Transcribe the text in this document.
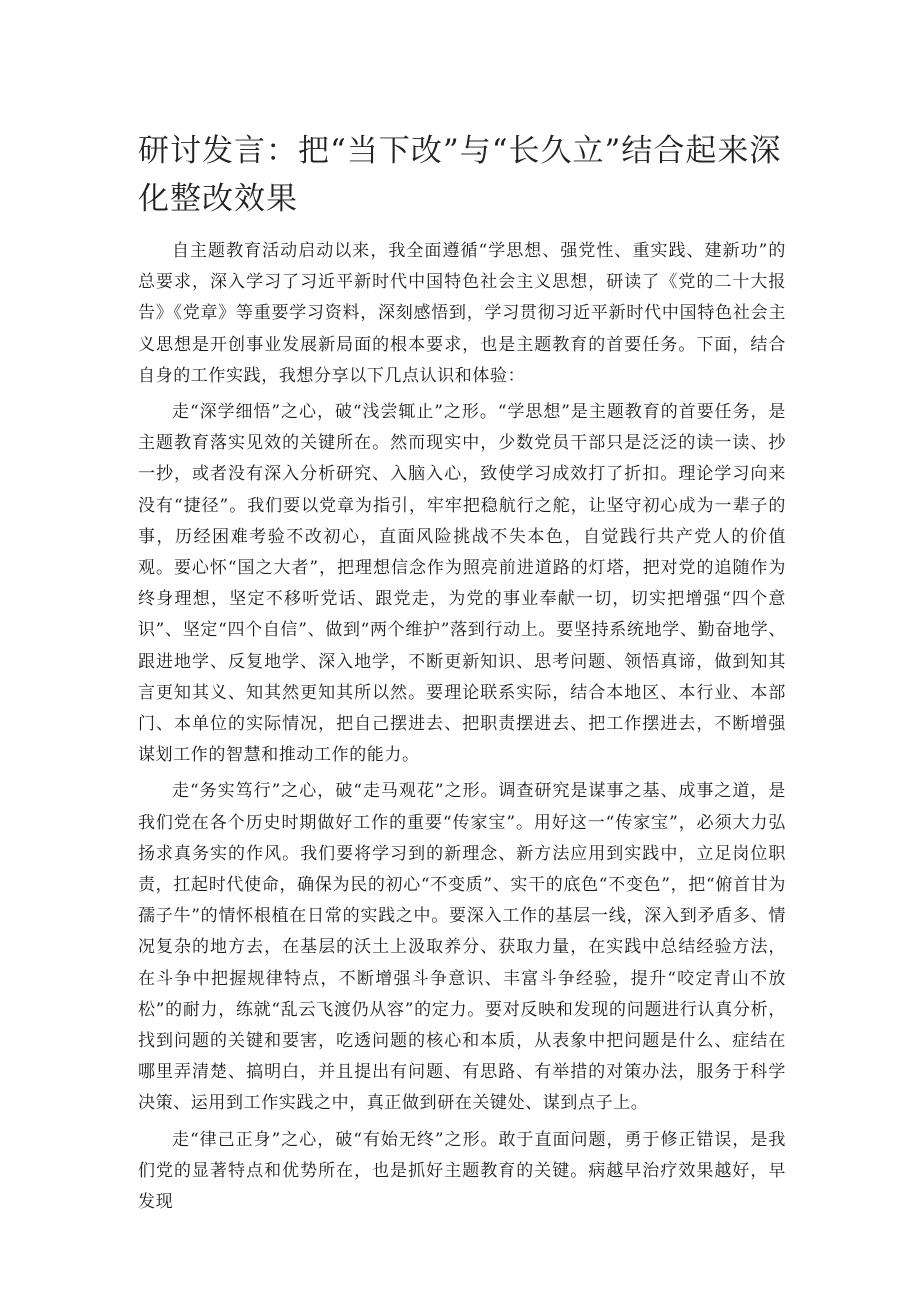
研讨发言：把“当下改”与“长久立”结合起来深化整改效果

自主题教育活动启动以来，我全面遵循“学思想、强党性、重实践、建新功”的总要求，深入学习了习近平新时代中国特色社会主义思想，研读了《党的二十大报告》《党章》等重要学习资料，深刻感悟到，学习贯彻习近平新时代中国特色社会主义思想是开创事业发展新局面的根本要求，也是主题教育的首要任务。下面，结合自身的工作实践，我想分享以下几点认识和体验：

走“深学细悟”之心，破“浅尝辄止”之形。“学思想”是主题教育的首要任务，是主题教育落实见效的关键所在。然而现实中，少数党员干部只是泛泛的读一读、抄一抄，或者没有深入分析研究、入脑入心，致使学习成效打了折扣。理论学习向来没有“捷径”。我们要以党章为指引，牢牢把稳航行之舵，让坚守初心成为一辈子的事，历经困难考验不改初心，直面风险挑战不失本色，自觉践行共产党人的价值观。要心怀“国之大者”，把理想信念作为照亮前进道路的灯塔，把对党的追随作为终身理想，坚定不移听党话、跟党走，为党的事业奉献一切，切实把增强“四个意识”、坚定“四个自信”、做到“两个维护”落到行动上。要坚持系统地学、勤奋地学、跟进地学、反复地学、深入地学，不断更新知识、思考问题、领悟真谛，做到知其言更知其义、知其然更知其所以然。要理论联系实际，结合本地区、本行业、本部门、本单位的实际情况，把自己摆进去、把职责摆进去、把工作摆进去，不断增强谋划工作的智慧和推动工作的能力。

走“务实笃行”之心，破“走马观花”之形。调查研究是谋事之基、成事之道，是我们党在各个历史时期做好工作的重要“传家宝”。用好这一“传家宝”，必须大力弘扬求真务实的作风。我们要将学习到的新理念、新方法应用到实践中，立足岗位职责，扛起时代使命，确保为民的初心“不变质”、实干的底色“不变色”，把“俯首甘为孺子牛”的情怀根植在日常的实践之中。要深入工作的基层一线，深入到矛盾多、情况复杂的地方去，在基层的沃土上汲取养分、获取力量，在实践中总结经验方法，在斗争中把握规律特点，不断增强斗争意识、丰富斗争经验，提升“咬定青山不放松”的耐力，练就“乱云飞渡仍从容”的定力。要对反映和发现的问题进行认真分析，找到问题的关键和要害，吃透问题的核心和本质，从表象中把问题是什么、症结在哪里弄清楚、搞明白，并且提出有问题、有思路、有举措的对策办法，服务于科学决策、运用到工作实践之中，真正做到研在关键处、谋到点子上。

走“律己正身”之心，破“有始无终”之形。敢于直面问题，勇于修正错误，是我们党的显著特点和优势所在，也是抓好主题教育的关键。病越早治疗效果越好，早发现
